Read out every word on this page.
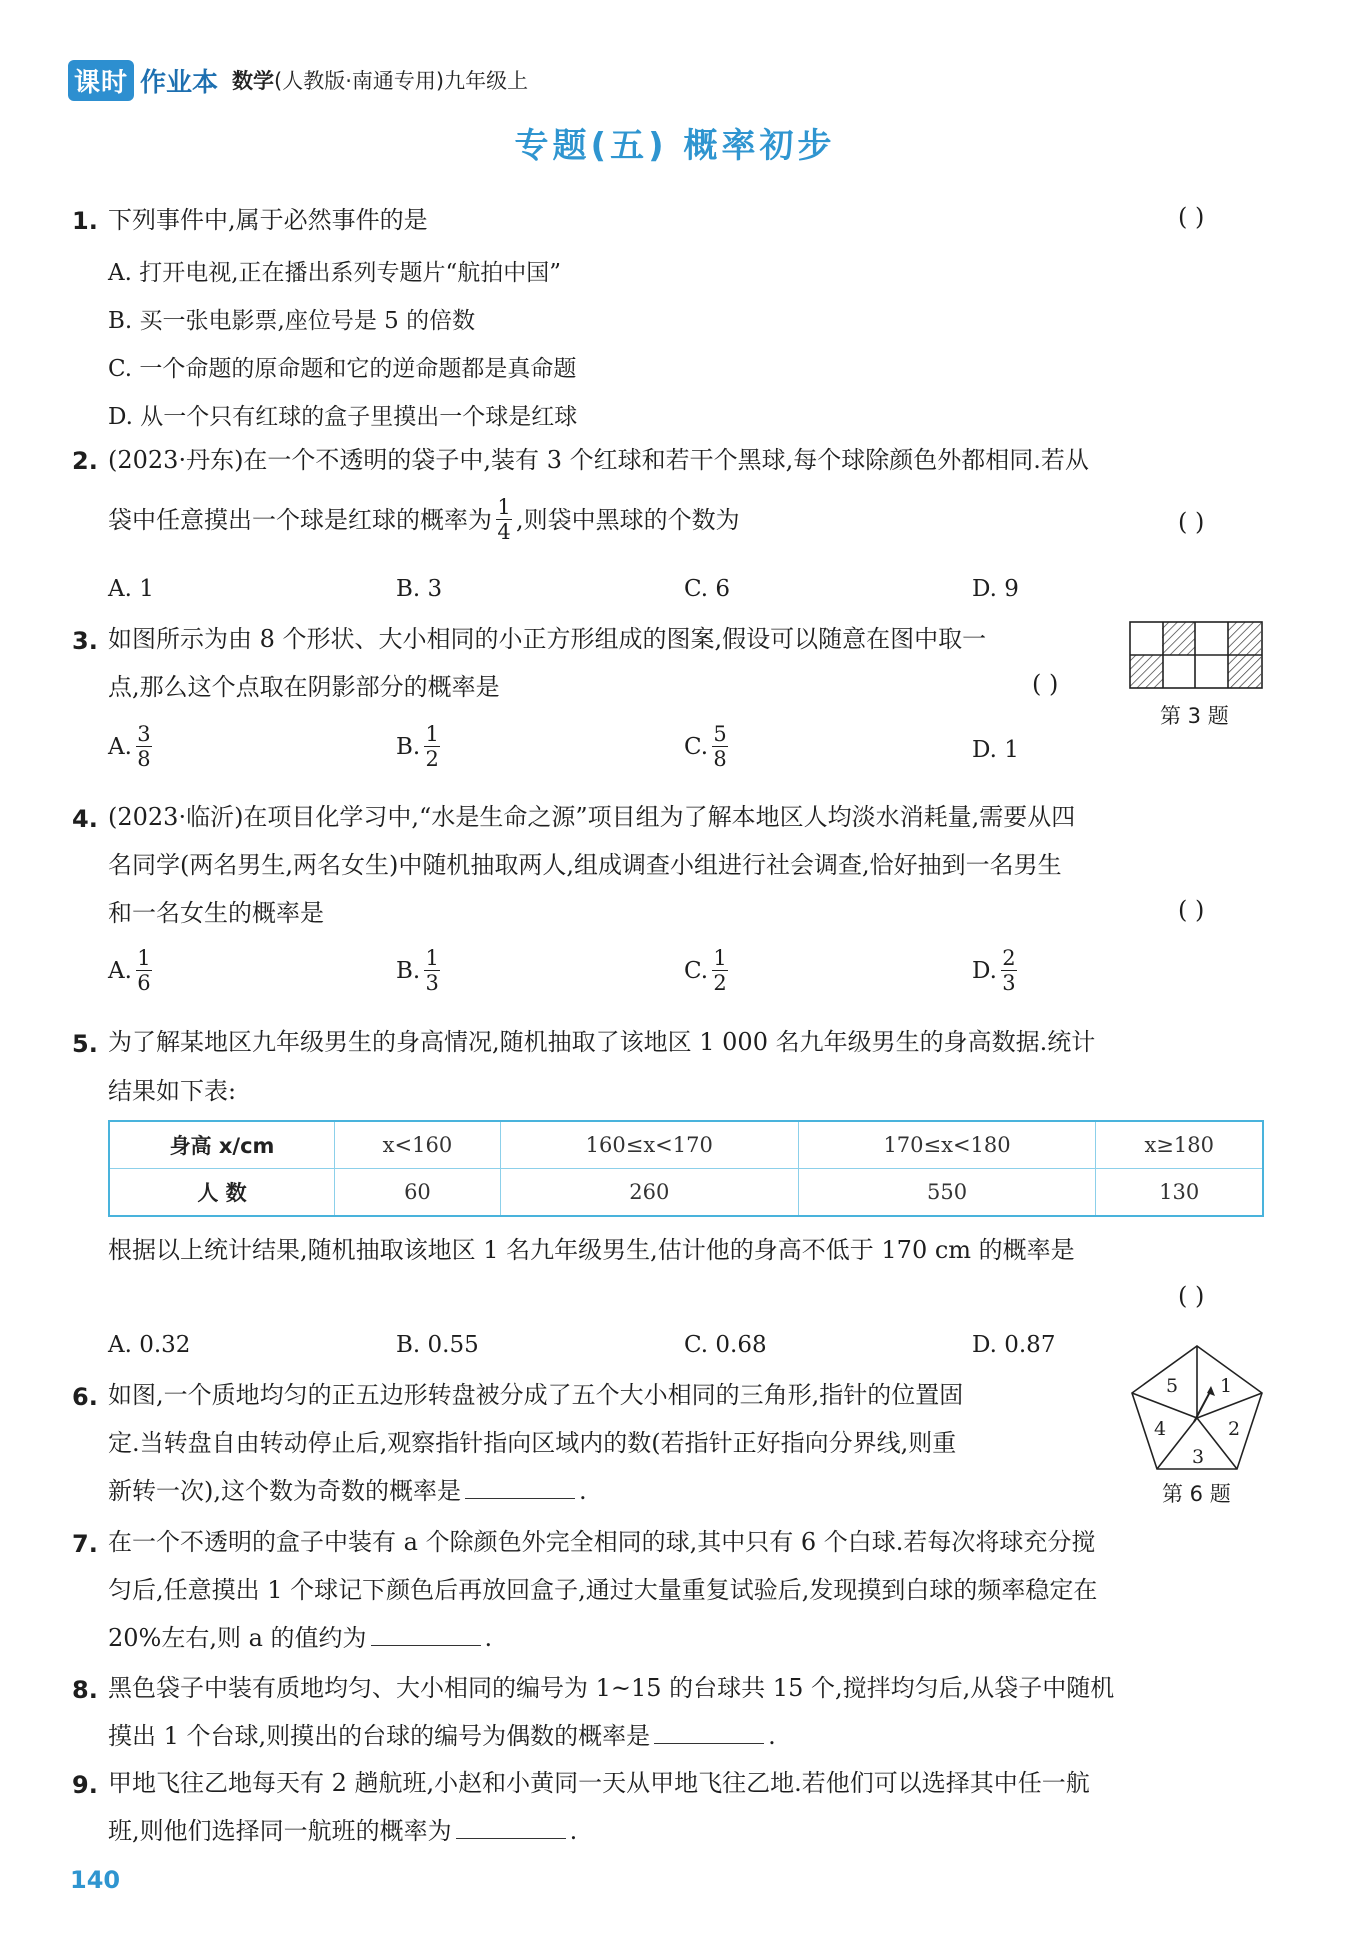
课时 作业本 数学(人教版·南通专用)九年级上
专题(五) 概率初步
1. 下列事件中,属于必然事件的是	( )
A. 打开电视,正在播出系列专题片“航拍中国”
B. 买一张电影票,座位号是 5 的倍数
C. 一个命题的原命题和它的逆命题都是真命题
D. 从一个只有红球的盒子里摸出一个球是红球
2. (2023·丹东)在一个不透明的袋子中,装有 3 个红球和若干个黑球,每个球除颜色外都相同.若从
袋中任意摸出一个球是红球的概率为 $\frac{1}{4}$ ,则袋中黑球的个数为	( )
A. 1	B. 3	C. 6	D. 9
3. 如图所示为由 8 个形状、大小相同的小正方形组成的图案,假设可以随意在图中取一
点,那么这个点取在阴影部分的概率是	( )
第 3 题
A. $\frac{3}{8}$	B. $\frac{1}{2}$	C. $\frac{5}{8}$	D. 1
4. (2023·临沂)在项目化学习中,“水是生命之源”项目组为了解本地区人均淡水消耗量,需要从四
名同学(两名男生,两名女生)中随机抽取两人,组成调查小组进行社会调查,恰好抽到一名男生
和一名女生的概率是	( )
A. $\frac{1}{6}$	B. $\frac{1}{3}$	C. $\frac{1}{2}$	D. $\frac{2}{3}$
5. 为了解某地区九年级男生的身高情况,随机抽取了该地区 1 000 名九年级男生的身高数据.统计
结果如下表:
身高 x/cm	x<160	160≤x<170	170≤x<180	x≥180
人 数	60	260	550	130
根据以上统计结果,随机抽取该地区 1 名九年级男生,估计他的身高不低于 170 cm 的概率是
( )
A. 0.32	B. 0.55	C. 0.68	D. 0.87
6. 如图,一个质地均匀的正五边形转盘被分成了五个大小相同的三角形,指针的位置固
定.当转盘自由转动停止后,观察指针指向区域内的数(若指针正好指向分界线,则重
新转一次),这个数为奇数的概率是	.
1
2
3
4
5
第 6 题
7. 在一个不透明的盒子中装有 a 个除颜色外完全相同的球,其中只有 6 个白球.若每次将球充分搅
匀后,任意摸出 1 个球记下颜色后再放回盒子,通过大量重复试验后,发现摸到白球的频率稳定在
20%左右,则 a 的值约为	.
8. 黑色袋子中装有质地均匀、大小相同的编号为 1~15 的台球共 15 个,搅拌均匀后,从袋子中随机
摸出 1 个台球,则摸出的台球的编号为偶数的概率是	.
9. 甲地飞往乙地每天有 2 趟航班,小赵和小黄同一天从甲地飞往乙地.若他们可以选择其中任一航
班,则他们选择同一航班的概率为	.
140
